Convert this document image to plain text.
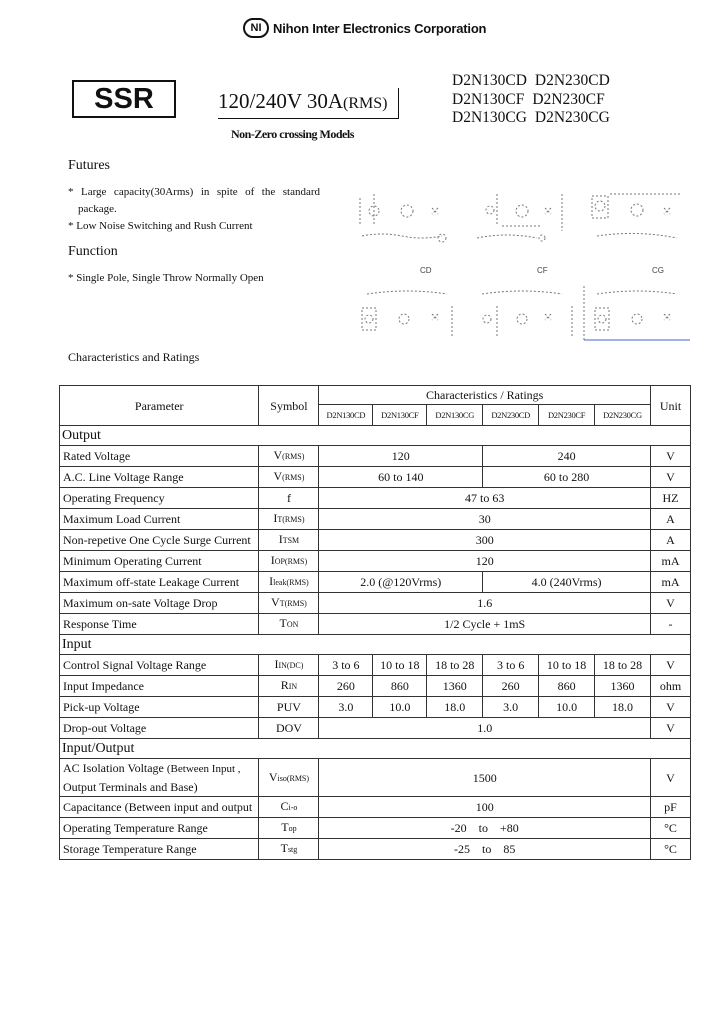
NI Nihon Inter Electronics Corporation
SSR	120/240V 30A(RMS)
D2N130CD D2N230CD
D2N130CF D2N230CF
D2N130CG D2N230CG
Non-Zero crossing Models
Futures
* Large capacity(30Arms) in spite of the standard
package.
* Low Noise Switching and Rush Current
Function
* Single Pole, Single Throw Normally Open
CD	CF	CG
Characteristics and Ratings
Parameter	Symbol	Characteristics / Ratings						Unit
		D2N130CD	D2N130CF	D2N130CG	D2N230CD	D2N230CF	D2N230CG	
Output								
Rated Voltage	V(RMS)	120			240			V
A.C. Line Voltage Range	V(RMS)	60 to 140			60 to 280			V
Operating Frequency	f	47 to 63						HZ
Maximum Load Current	IT(RMS)	30						A
Non-repetive One Cycle Surge Current	ITSM	300						A
Minimum Operating Current	IOP(RMS)	120						mA
Maximum off-state Leakage Current	Ileak(RMS)	2.0 (@120Vrms)			4.0 (240Vrms)			mA
Maximum on-sate Voltage Drop	VT(RMS)	1.6						V
Response Time	TON	1/2 Cycle + 1mS						-
Input								
Control Signal Voltage Range	IIN(DC)	3 to 6	10 to 18	18 to 28	3 to 6	10 to 18	18 to 28	V
Input Impedance	RIN	260	860	1360	260	860	1360	ohm
Pick-up Voltage	PUV	3.0	10.0	18.0	3.0	10.0	18.0	V
Drop-out Voltage	DOV	1.0						V
Input/Output								
AC Isolation Voltage (Between Input ,
Output Terminals and Base)	Viso(RMS)	1500						V
Capacitance (Between input and output	Ci-o	100						pF
Operating Temperature Range	Top	-20    to    +80						°C
Storage Temperature Range	Tstg	-25    to    85						°C
